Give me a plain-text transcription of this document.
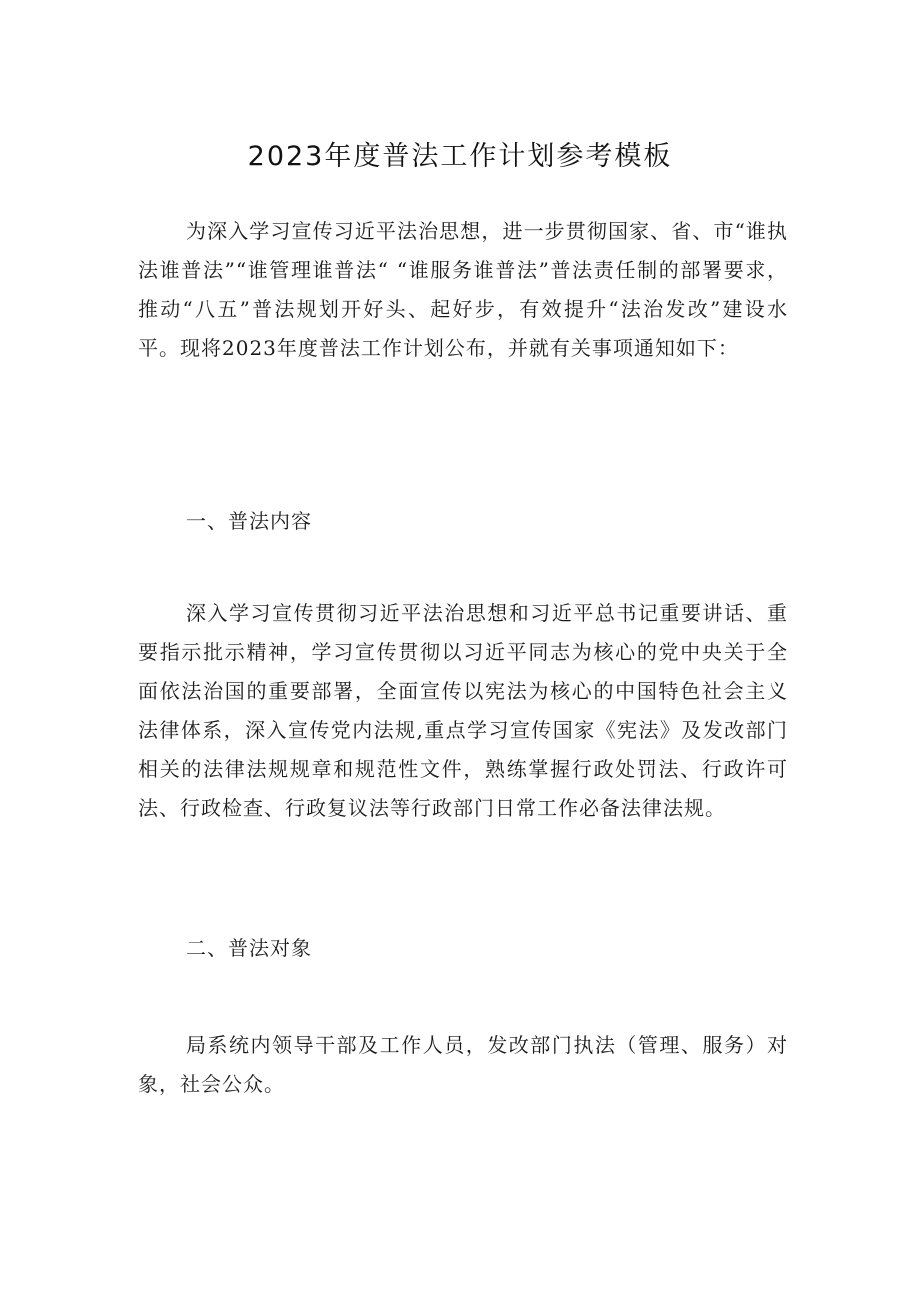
2023年度普法工作计划参考模板

为深入学习宣传习近平法治思想，进一步贯彻国家、省、市“谁执法谁普法”“谁管理谁普法“ “谁服务谁普法”普法责任制的部署要求，推动“八五”普法规划开好头、起好步，有效提升“法治发改”建设水平。现将2023年度普法工作计划公布，并就有关事项通知如下：

一、普法内容

深入学习宣传贯彻习近平法治思想和习近平总书记重要讲话、重要指示批示精神，学习宣传贯彻以习近平同志为核心的党中央关于全面依法治国的重要部署，全面宣传以宪法为核心的中国特色社会主义法律体系，深入宣传党内法规,重点学习宣传国家《宪法》及发改部门相关的法律法规规章和规范性文件，熟练掌握行政处罚法、行政许可法、行政检查、行政复议法等行政部门日常工作必备法律法规。

二、普法对象

局系统内领导干部及工作人员，发改部门执法（管理、服务）对象，社会公众。
